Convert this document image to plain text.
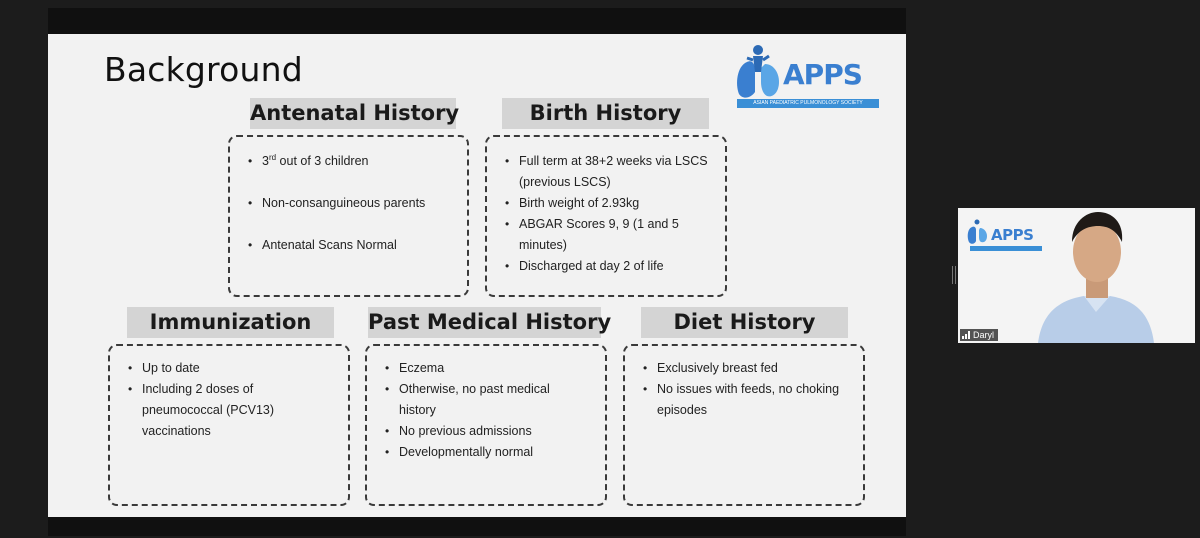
Background	APPS
ASIAN PAEDIATRIC PULMONOLOGY SOCIETY
Antenatal History
• 3rd out of 3 children
• Non-consanguineous parents
• Antenatal Scans Normal
Birth History
• Full term at 38+2 weeks via LSCS (previous LSCS)
• Birth weight of 2.93kg
• ABGAR Scores 9, 9 (1 and 5 minutes)
• Discharged at day 2 of life
Immunization
• Up to date
• Including 2 doses of pneumococcal (PCV13) vaccinations
Past Medical History
• Eczema
• Otherwise, no past medical history
• No previous admissions
• Developmentally normal
Diet History
• Exclusively breast fed
• No issues with feeds, no choking episodes
APPS
Daryl
